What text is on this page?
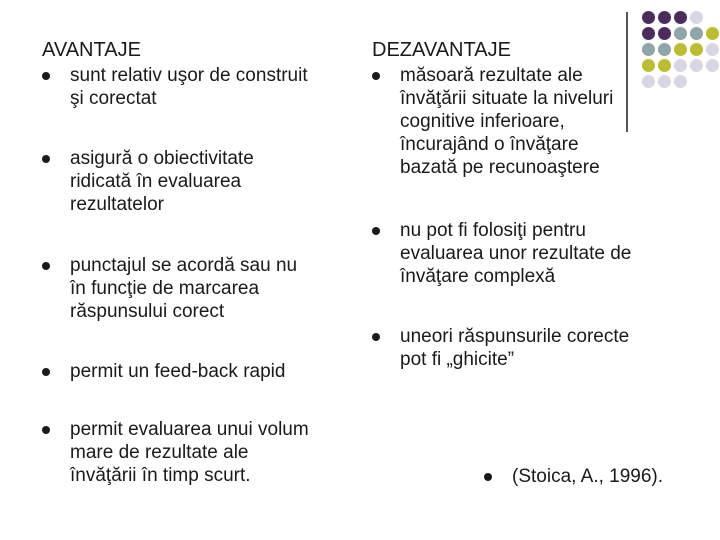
AVANTAJE
sunt relativ uşor de construit
şi corectat
asigură o obiectivitate
ridicată în evaluarea
rezultatelor
punctajul se acordă sau nu
în funcţie de marcarea
răspunsului corect
permit un feed-back rapid
permit evaluarea unui volum
mare de rezultate ale
învăţării în timp scurt.
DEZAVANTAJE
măsoară rezultate ale
învăţării situate la niveluri
cognitive inferioare,
încurajând o învăţare
bazată pe recunoaştere
nu pot fi folosiţi pentru
evaluarea unor rezultate de
învăţare complexă
uneori răspunsurile corecte
pot fi „ghicite”
(Stoica, A., 1996).
